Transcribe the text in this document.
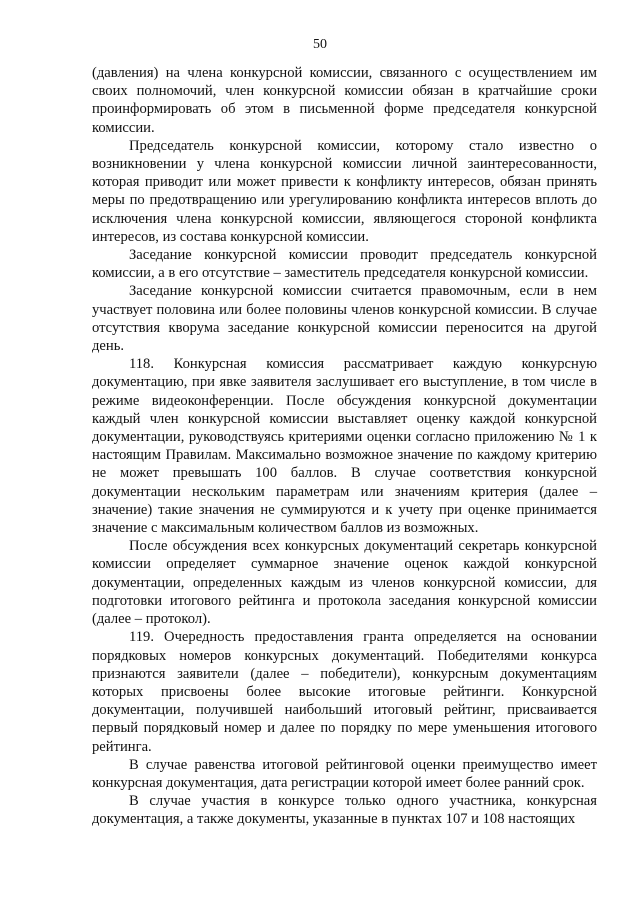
50

(давления) на члена конкурсной комиссии, связанного с осуществлением им своих полномочий, член конкурсной комиссии обязан в кратчайшие сроки проинформировать об этом в письменной форме председателя конкурсной комиссии.

Председатель конкурсной комиссии, которому стало известно о возникновении у члена конкурсной комиссии личной заинтересованности, которая приводит или может привести к конфликту интересов, обязан принять меры по предотвращению или урегулированию конфликта интересов вплоть до исключения члена конкурсной комиссии, являющегося стороной конфликта интересов, из состава конкурсной комиссии.

Заседание конкурсной комиссии проводит председатель конкурсной комиссии, а в его отсутствие – заместитель председателя конкурсной комиссии.

Заседание конкурсной комиссии считается правомочным, если в нем участвует половина или более половины членов конкурсной комиссии. В случае отсутствия кворума заседание конкурсной комиссии переносится на другой день.

118. Конкурсная комиссия рассматривает каждую конкурсную документацию, при явке заявителя заслушивает его выступление, в том числе в режиме видеоконференции. После обсуждения конкурсной документации каждый член конкурсной комиссии выставляет оценку каждой конкурсной документации, руководствуясь критериями оценки согласно приложению № 1 к настоящим Правилам. Максимально возможное значение по каждому критерию не может превышать 100 баллов. В случае соответствия конкурсной документации нескольким параметрам или значениям критерия (далее – значение) такие значения не суммируются и к учету при оценке принимается значение с максимальным количеством баллов из возможных.

После обсуждения всех конкурсных документаций секретарь конкурсной комиссии определяет суммарное значение оценок каждой конкурсной документации, определенных каждым из членов конкурсной комиссии, для подготовки итогового рейтинга и протокола заседания конкурсной комиссии (далее – протокол).

119. Очередность предоставления гранта определяется на основании порядковых номеров конкурсных документаций. Победителями конкурса признаются заявители (далее – победители), конкурсным документациям которых присвоены более высокие итоговые рейтинги. Конкурсной документации, получившей наибольший итоговый рейтинг, присваивается первый порядковый номер и далее по порядку по мере уменьшения итогового рейтинга.

В случае равенства итоговой рейтинговой оценки преимущество имеет конкурсная документация, дата регистрации которой имеет более ранний срок.

В случае участия в конкурсе только одного участника, конкурсная документация, а также документы, указанные в пунктах 107 и 108 настоящих
